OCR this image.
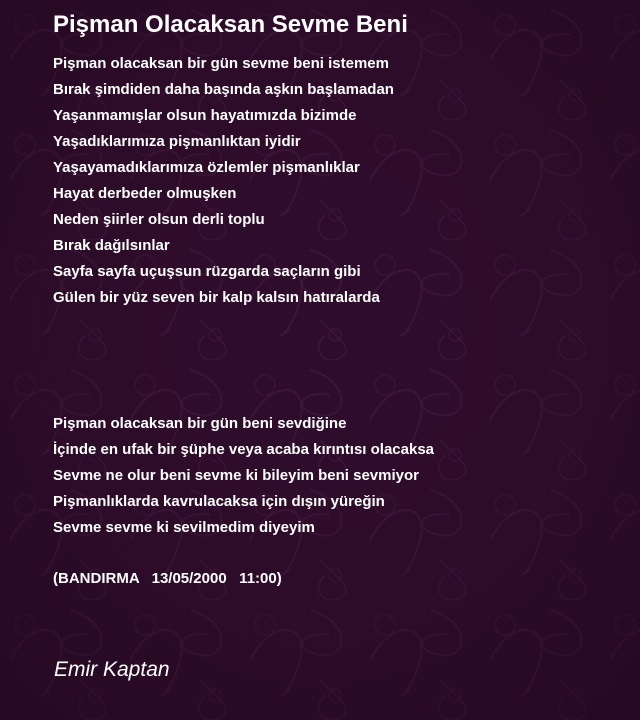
Pişman Olacaksan Sevme Beni
Pişman olacaksan bir gün sevme beni istemem
Bırak şimdiden daha başında aşkın başlamadan
Yaşanmamışlar olsun hayatımızda bizimde
Yaşadıklarımıza pişmanlıktan iyidir
Yaşayamadıklarımıza özlemler pişmanlıklar
Hayat derbeder olmuşken
Neden şiirler olsun derli toplu
Bırak dağılsınlar
Sayfa sayfa uçuşsun rüzgarda saçların gibi
Gülen bir yüz seven bir kalp kalsın hatıralarda
Pişman olacaksan bir gün beni sevdiğine
İçinde en ufak bir şüphe veya acaba kırıntısı olacaksa
Sevme ne olur beni sevme ki bileyim beni sevmiyor
Pişmanlıklarda kavrulacaksa için dışın yüreğin
Sevme sevme ki sevilmedim diyeyim
(BANDIRMA   13/05/2000   11:00)
Emir Kaptan
